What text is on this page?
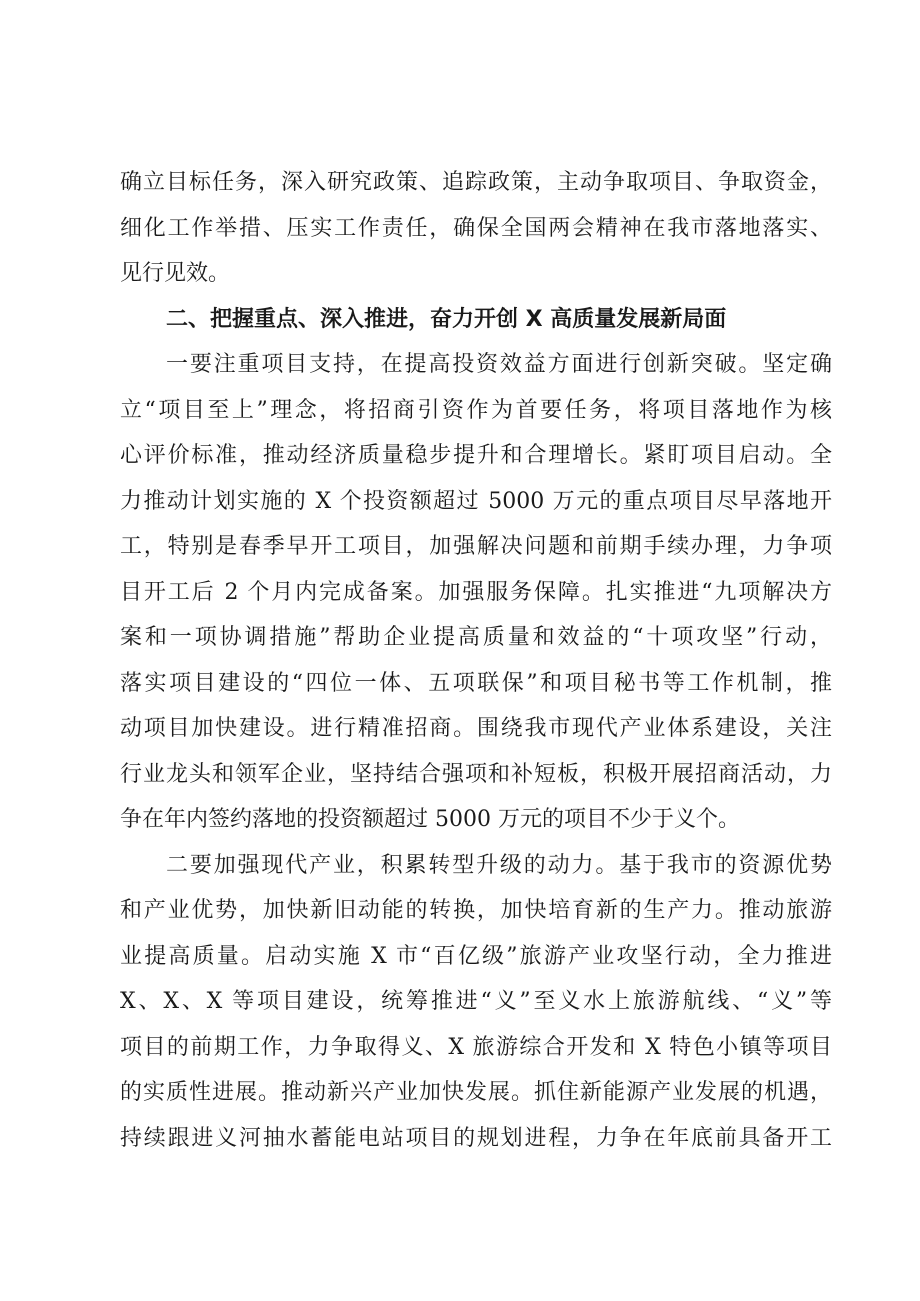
确立目标任务，深入研究政策、追踪政策，主动争取项目、争取资金，
细化工作举措、压实工作责任，确保全国两会精神在我市落地落实、
见行见效。
二、把握重点、深入推进，奋力开创 X 高质量发展新局面
一要注重项目支持，在提高投资效益方面进行创新突破。坚定确
立“项目至上”理念，将招商引资作为首要任务，将项目落地作为核
心评价标准，推动经济质量稳步提升和合理增长。紧盯项目启动。全
力推动计划实施的 X 个投资额超过 5000 万元的重点项目尽早落地开
工，特别是春季早开工项目，加强解决问题和前期手续办理，力争项
目开工后 2 个月内完成备案。加强服务保障。扎实推进“九项解决方
案和一项协调措施”帮助企业提高质量和效益的“十项攻坚”行动，
落实项目建设的“四位一体、五项联保”和项目秘书等工作机制，推
动项目加快建设。进行精准招商。围绕我市现代产业体系建设，关注
行业龙头和领军企业，坚持结合强项和补短板，积极开展招商活动，力
争在年内签约落地的投资额超过 5000 万元的项目不少于义个。
二要加强现代产业，积累转型升级的动力。基于我市的资源优势
和产业优势，加快新旧动能的转换，加快培育新的生产力。推动旅游
业提高质量。启动实施 X 市“百亿级”旅游产业攻坚行动，全力推进
X、X、X 等项目建设，统筹推进“义”至义水上旅游航线、“义”等
项目的前期工作，力争取得义、X 旅游综合开发和 X 特色小镇等项目
的实质性进展。推动新兴产业加快发展。抓住新能源产业发展的机遇，
持续跟进义河抽水蓄能电站项目的规划进程，力争在年底前具备开工
